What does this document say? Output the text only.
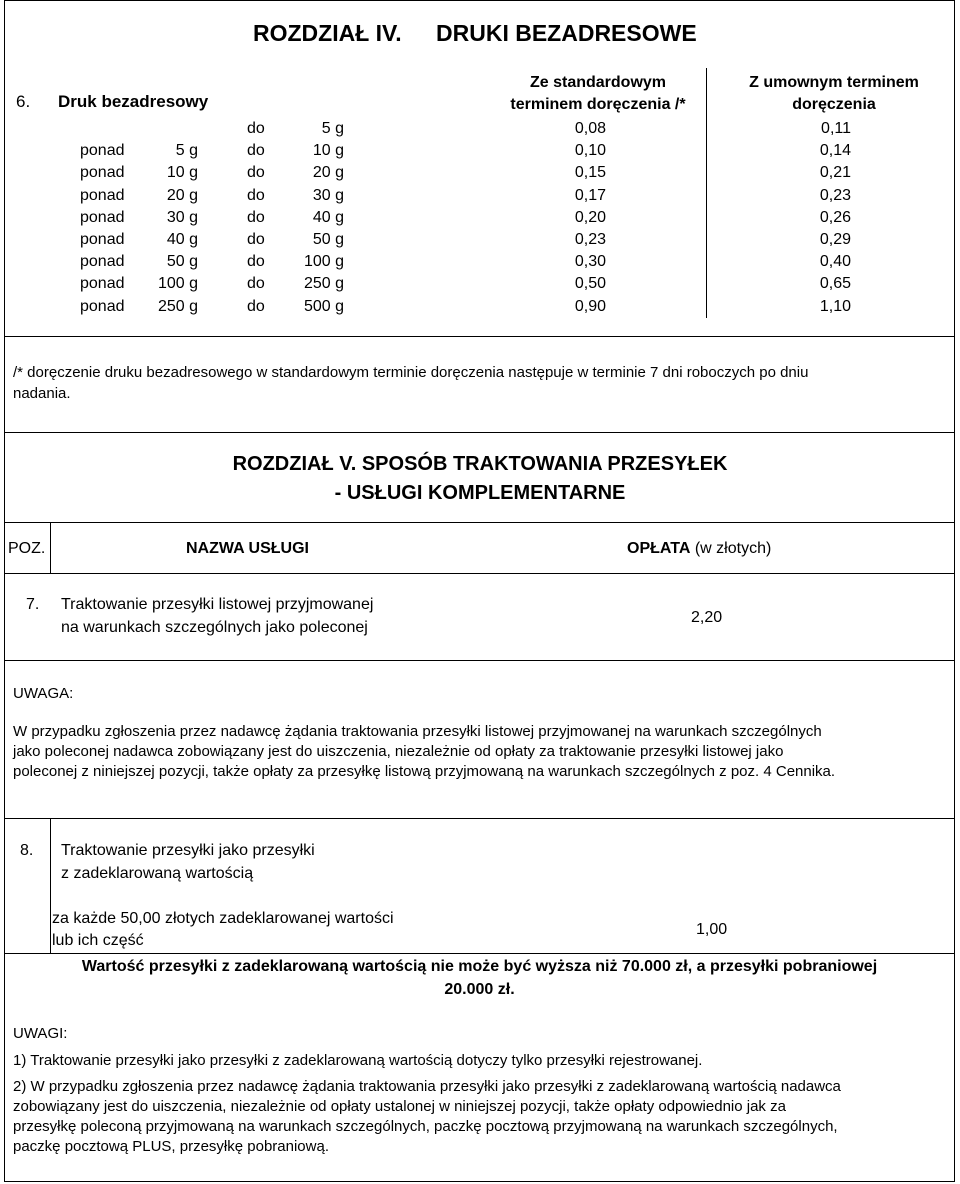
ROZDZIAŁ IV. DRUKI BEZADRESOWE
6. Druk bezadresowy
Ze standardowym
terminem doręczenia /*
Z umownym terminem
doręczenia
do	5 g	0,08	0,11
ponad	5 g	do	10 g	0,10	0,14
ponad	10 g	do	20 g	0,15	0,21
ponad	20 g	do	30 g	0,17	0,23
ponad	30 g	do	40 g	0,20	0,26
ponad	40 g	do	50 g	0,23	0,29
ponad	50 g	do	100 g	0,30	0,40
ponad	100 g	do	250 g	0,50	0,65
ponad	250 g	do	500 g	0,90	1,10
/* doręczenie druku bezadresowego w standardowym terminie doręczenia następuje w terminie 7 dni roboczych po dniu
nadania.
ROZDZIAŁ V. SPOSÓB TRAKTOWANIA PRZESYŁEK
- USŁUGI KOMPLEMENTARNE
POZ.	NAZWA USŁUGI	OPŁATA (w złotych)
7. Traktowanie przesyłki listowej przyjmowanej
na warunkach szczególnych jako poleconej
2,20
UWAGA:
W przypadku zgłoszenia przez nadawcę żądania traktowania przesyłki listowej przyjmowanej na warunkach szczególnych
jako poleconej nadawca zobowiązany jest do uiszczenia, niezależnie od opłaty za traktowanie przesyłki listowej jako
poleconej z niniejszej pozycji, także opłaty za przesyłkę listową przyjmowaną na warunkach szczególnych z poz. 4 Cennika.
8. Traktowanie przesyłki jako przesyłki
z zadeklarowaną wartością
za każde 50,00 złotych zadeklarowanej wartości
lub ich część
1,00
Wartość przesyłki z zadeklarowaną wartością nie może być wyższa niż 70.000 zł, a przesyłki pobraniowej
20.000 zł.
UWAGI:
1) Traktowanie przesyłki jako przesyłki z zadeklarowaną wartością dotyczy tylko przesyłki rejestrowanej.
2) W przypadku zgłoszenia przez nadawcę żądania traktowania przesyłki jako przesyłki z zadeklarowaną wartością nadawca
zobowiązany jest do uiszczenia, niezależnie od opłaty ustalonej w niniejszej pozycji, także opłaty odpowiednio jak za
przesyłkę poleconą przyjmowaną na warunkach szczególnych, paczkę pocztową przyjmowaną na warunkach szczególnych,
paczkę pocztową PLUS, przesyłkę pobraniową.
